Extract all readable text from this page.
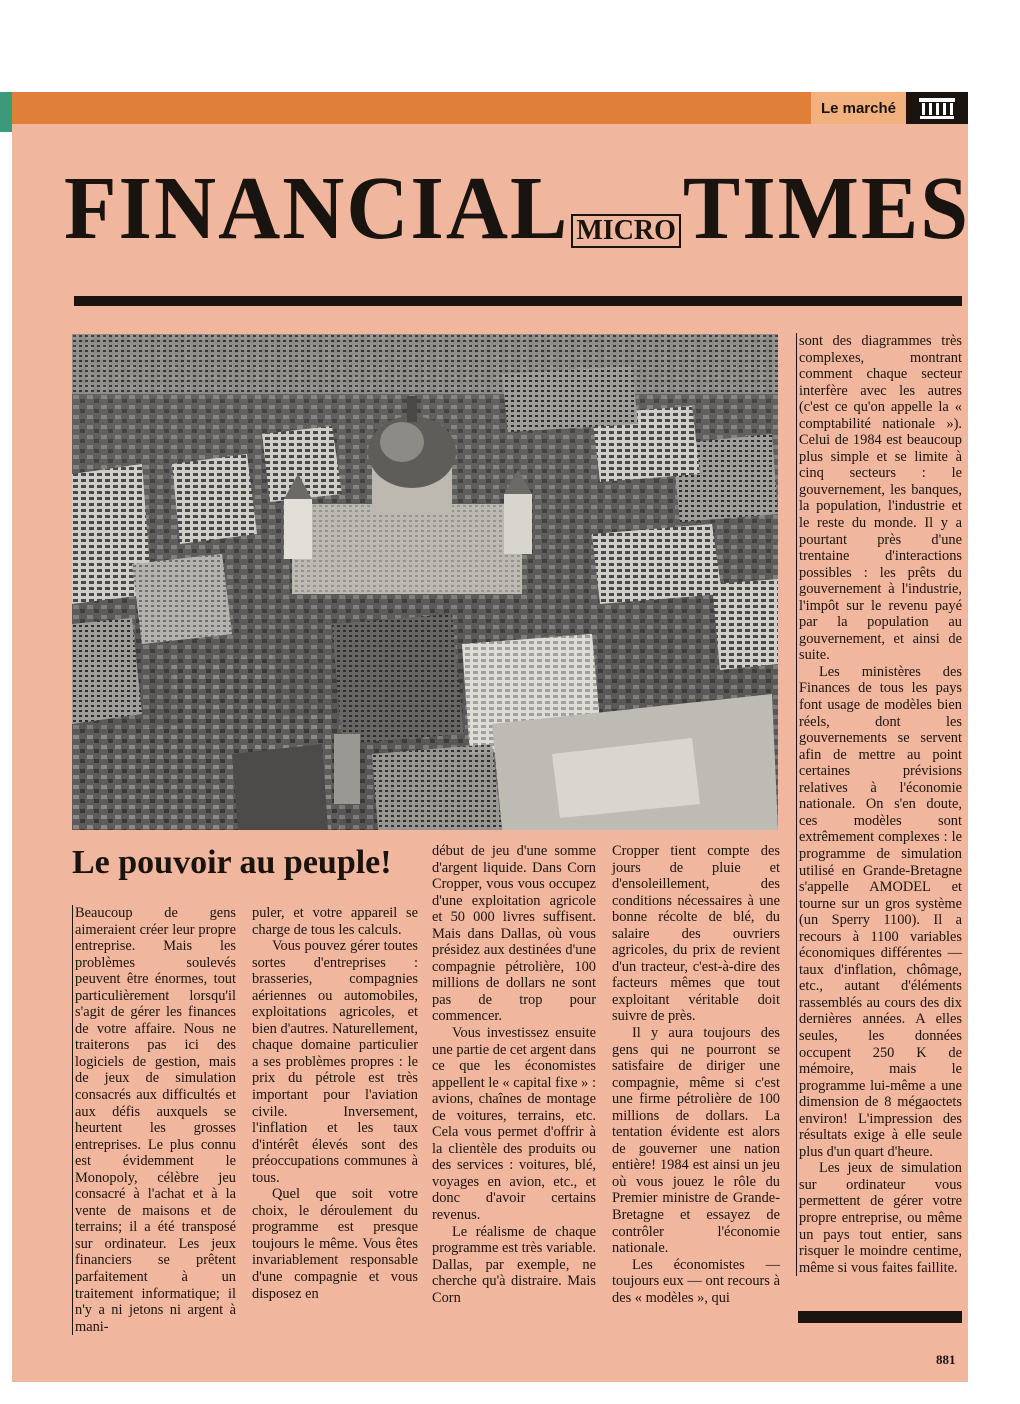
Le marché
FINANCIA L MICRO T IMES
Le pouvoir au peuple!

Beaucoup de gens aimeraient créer leur propre entreprise. Mais les problèmes soulevés peuvent être énormes, tout particulièrement lorsqu'il s'agit de gérer les finances de votre affaire. Nous ne traiterons pas ici des logiciels de gestion, mais de jeux de simulation consacrés aux difficultés et aux défis auxquels se heurtent les grosses entreprises. Le plus connu est évidemment le Monopoly, célèbre jeu consacré à l'achat et à la vente de maisons et de terrains; il a été transposé sur ordinateur. Les jeux financiers se prêtent parfaitement à un traitement informatique; il n'y a ni jetons ni argent à mani-

puler, et votre appareil se charge de tous les calculs.

Vous pouvez gérer toutes sortes d'entreprises : brasseries, compagnies aériennes ou automobiles, exploitations agricoles, et bien d'autres. Naturellement, chaque domaine particulier a ses problèmes propres : le prix du pétrole est très important pour l'aviation civile. Inversement, l'inflation et les taux d'intérêt élevés sont des préoccupations communes à tous.

Quel que soit votre choix, le déroulement du programme est presque toujours le même. Vous êtes invariablement responsable d'une compagnie et vous disposez en

début de jeu d'une somme d'argent liquide. Dans Corn Cropper, vous vous occupez d'une exploitation agricole et 50 000 livres suffisent. Mais dans Dallas, où vous présidez aux destinées d'une compagnie pétrolière, 100 millions de dollars ne sont pas de trop pour commencer.

Vous investissez ensuite une partie de cet argent dans ce que les économistes appellent le « capital fixe » : avions, chaînes de montage de voitures, terrains, etc. Cela vous permet d'offrir à la clientèle des produits ou des services : voitures, blé, voyages en avion, etc., et donc d'avoir certains revenus.

Le réalisme de chaque programme est très variable. Dallas, par exemple, ne cherche qu'à distraire. Mais Corn

Cropper tient compte des jours de pluie et d'ensoleillement, des conditions nécessaires à une bonne récolte de blé, du salaire des ouvriers agricoles, du prix de revient d'un tracteur, c'est-à-dire des facteurs mêmes que tout exploitant véritable doit suivre de près.

Il y aura toujours des gens qui ne pourront se satisfaire de diriger une compagnie, même si c'est une firme pétrolière de 100 millions de dollars. La tentation évidente est alors de gouverner une nation entière! 1984 est ainsi un jeu où vous jouez le rôle du Premier ministre de Grande-Bretagne et essayez de contrôler l'économie nationale.

Les économistes — toujours eux — ont recours à des « modèles », qui

sont des diagrammes très complexes, montrant comment chaque secteur interfère avec les autres (c'est ce qu'on appelle la « comptabilité nationale »). Celui de 1984 est beaucoup plus simple et se limite à cinq secteurs : le gouvernement, les banques, la population, l'industrie et le reste du monde. Il y a pourtant près d'une trentaine d'interactions possibles : les prêts du gouvernement à l'industrie, l'impôt sur le revenu payé par la population au gouvernement, et ainsi de suite.

Les ministères des Finances de tous les pays font usage de modèles bien réels, dont les gouvernements se servent afin de mettre au point certaines prévisions relatives à l'économie nationale. On s'en doute, ces modèles sont extrêmement complexes : le programme de simulation utilisé en Grande-Bretagne s'appelle AMODEL et tourne sur un gros système (un Sperry 1100). Il a recours à 1100 variables économiques différentes — taux d'inflation, chômage, etc., autant d'éléments rassemblés au cours des dix dernières années. A elles seules, les données occupent 250 K de mémoire, mais le programme lui-même a une dimension de 8 mégaoctets environ! L'impression des résultats exige à elle seule plus d'un quart d'heure.

Les jeux de simulation sur ordinateur vous permettent de gérer votre propre entreprise, ou même un pays tout entier, sans risquer le moindre centime, même si vous faites faillite.

881
